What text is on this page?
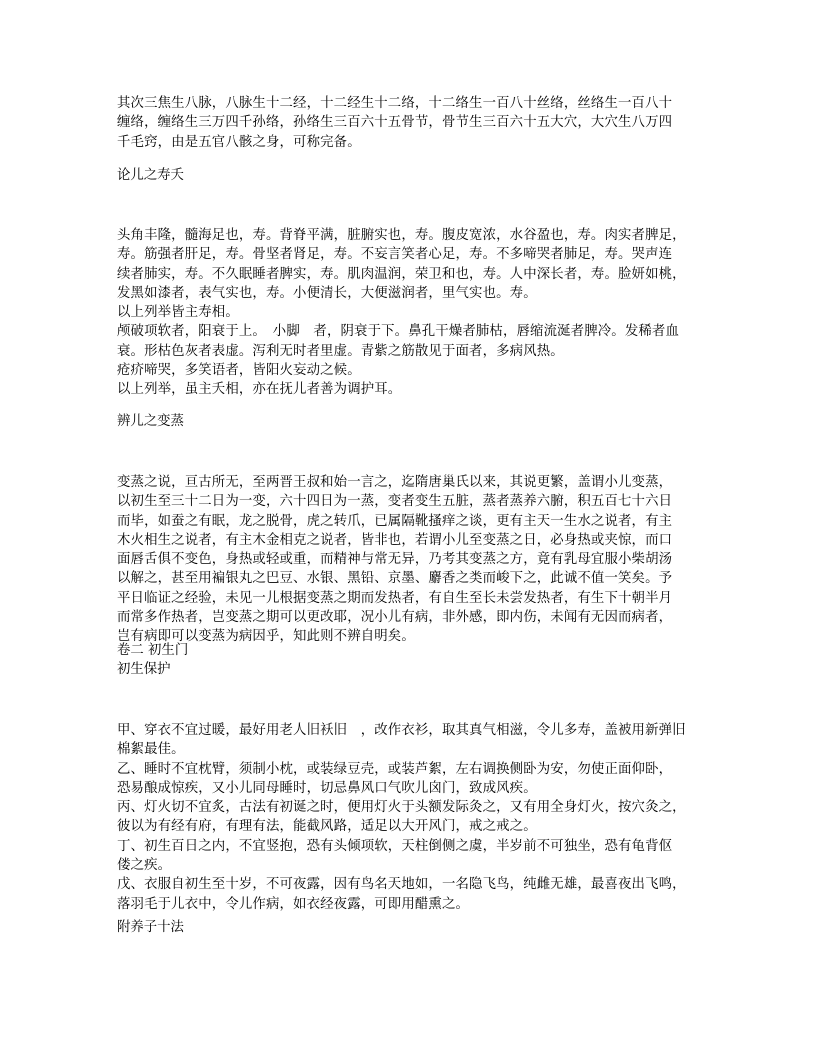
其次三焦生八脉，八脉生十二经，十二经生十二络，十二络生一百八十丝络，丝络生一百八十

缠络，缠络生三万四千孙络，孙络生三百六十五骨节，骨节生三百六十五大穴，大穴生八万四

千毛窍，由是五官八骸之身，可称完备。

论儿之寿夭

头角丰隆，髓海足也，寿。背脊平满，脏腑实也，寿。腹皮宽浓，水谷盈也，寿。肉实者脾足，

寿。筋强者肝足，寿。骨坚者肾足，寿。不妄言笑者心足，寿。不多啼哭者肺足，寿。哭声连

续者肺实，寿。不久眠睡者脾实，寿。肌肉温润，荣卫和也，寿。人中深长者，寿。脸妍如桃，

发黑如漆者，表气实也，寿。小便清长，大便滋润者，里气实也。寿。

以上列举皆主寿相。

颅破项软者，阳衰于上。　小脚　者，阴衰于下。鼻孔干燥者肺枯，唇缩流涎者脾冷。发稀者血

衰。形枯色灰者表虚。泻利无时者里虚。青紫之筋散见于面者，多病风热。

疮疥啼哭，多笑语者，皆阳火妄动之候。

以上列举，虽主夭相，亦在抚儿者善为调护耳。

辨儿之变蒸

变蒸之说，亘古所无，至两晋王叔和始一言之，迄隋唐巢氏以来，其说更繁，盖谓小儿变蒸，

以初生至三十二日为一变，六十四日为一蒸，变者变生五脏，蒸者蒸养六腑，积五百七十六日

而毕，如蚕之有眠，龙之脱骨，虎之转爪，已属隔靴搔痒之谈，更有主天一生水之说者，有主

木火相生之说者，有主木金相克之说者，皆非也，若谓小儿至变蒸之日，必身热或夹惊，而口

面唇舌俱不变色，身热或轻或重，而精神与常无异，乃考其变蒸之方，竟有乳母宜服小柴胡汤

以解之，甚至用褊银丸之巴豆、水银、黑铅、京墨、麝香之类而峻下之，此诚不值一笑矣。予

平日临证之经验，未见一儿根据变蒸之期而发热者，有自生至长未尝发热者，有生下十朝半月

而常多作热者，岂变蒸之期可以更改耶，况小儿有病，非外感，即内伤，未闻有无因而病者，

岂有病即可以变蒸为病因乎，知此则不辨自明矣。

卷二 初生门
初生保护

甲、穿衣不宜过暖，最好用老人旧袄旧　，改作衣衫，取其真气相滋，令儿多寿，盖被用新弹旧

棉絮最佳。

乙、睡时不宜枕臂，须制小枕，或装绿豆壳，或装芦絮，左右调换侧卧为安，勿使正面仰卧，

恐易酿成惊疾，又小儿同母睡时，切忌鼻风口气吹儿囟门，致成风疾。

丙、灯火切不宜炙，古法有初诞之时，便用灯火于头额发际灸之，又有用全身灯火，按穴灸之，

彼以为有经有府，有理有法，能截风路，适足以大开风门，戒之戒之。

丁、初生百日之内，不宜竖抱，恐有头倾项软，天柱倒侧之虞，半岁前不可独坐，恐有龟背伛

偻之疾。

戊、衣服自初生至十岁，不可夜露，因有鸟名天地如，一名隐飞鸟，纯雌无雄，最喜夜出飞鸣，

落羽毛于儿衣中，令儿作病，如衣经夜露，可即用醋熏之。

附养子十法
